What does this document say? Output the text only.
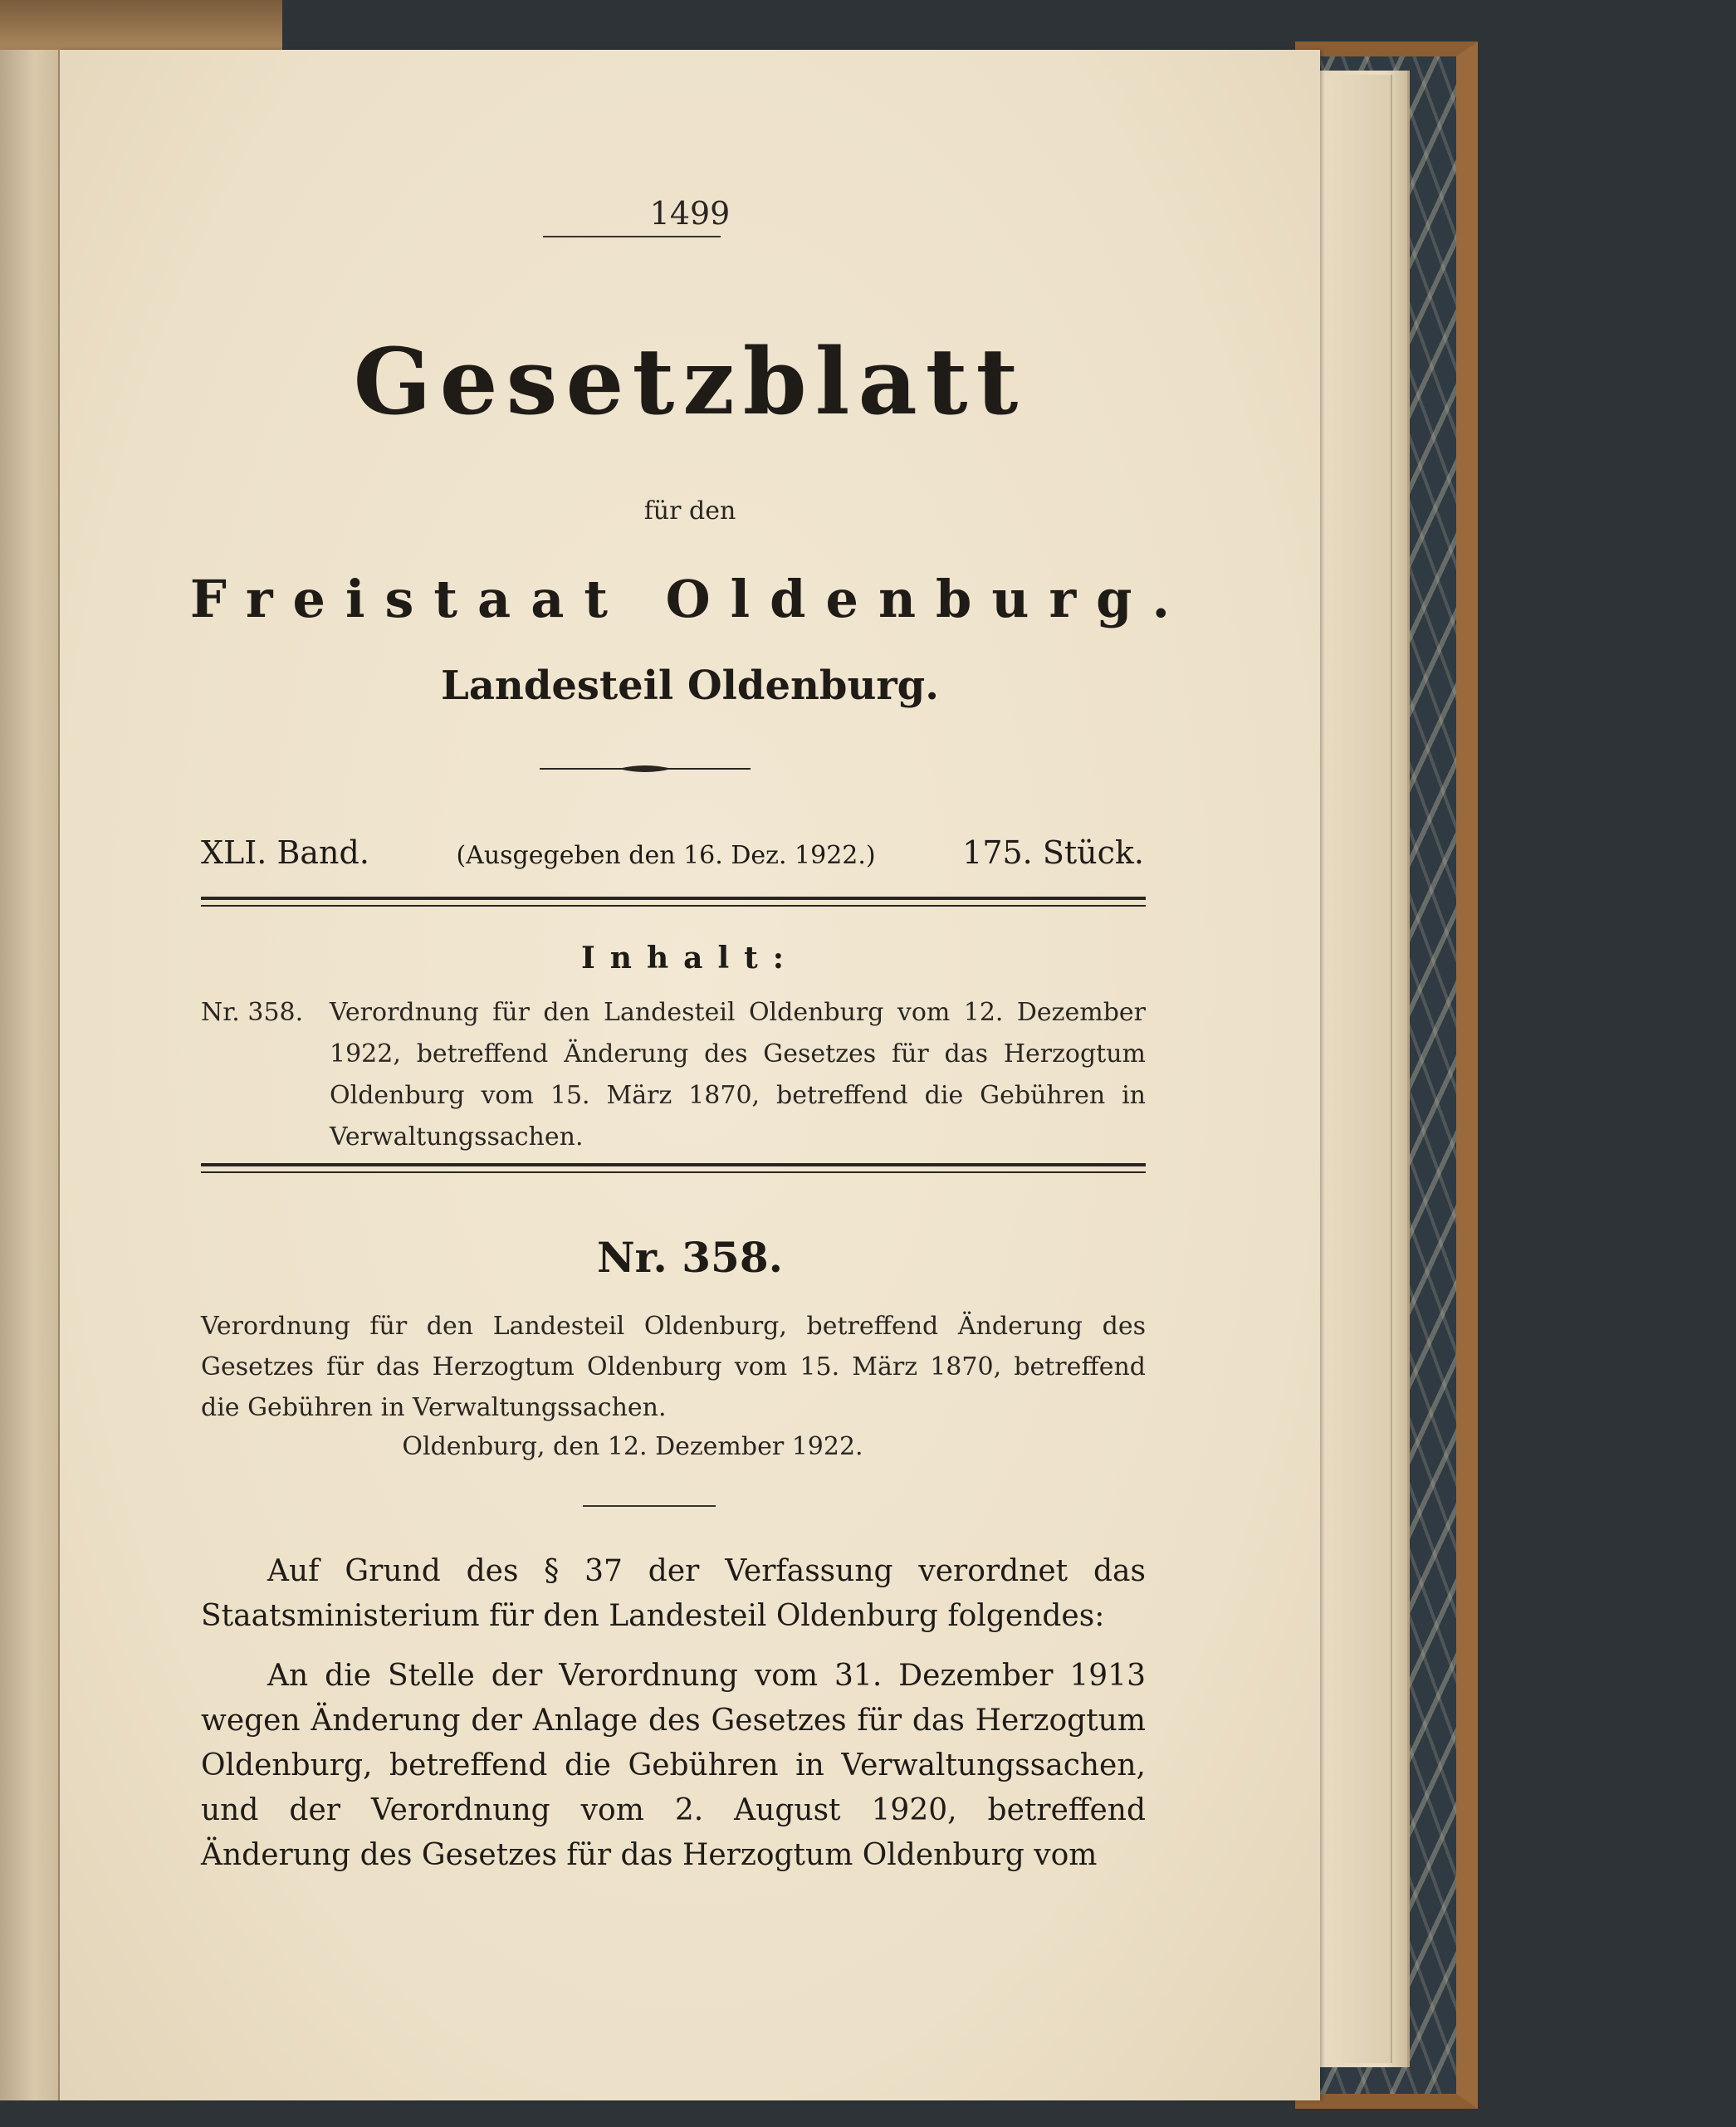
1499
Gesetzblatt
für den
Freistaat Oldenburg.
Landesteil Oldenburg.
XLI. Band.	(Ausgegeben den 16. Dez. 1922.)	175. Stück.
Inhalt:
Nr. 358.	Verordnung für den Landesteil Oldenburg vom 12. Dezember 1922, betreffend Änderung des Gesetzes für das Herzogtum Oldenburg vom 15. März 1870, betreffend die Gebühren in Verwaltungssachen.
Nr. 358.
Verordnung für den Landesteil Oldenburg, betreffend Änderung des Gesetzes für das Herzogtum Oldenburg vom 15. März 1870, betreffend die Gebühren in Verwaltungssachen.
Oldenburg, den 12. Dezember 1922.
Auf Grund des § 37 der Verfassung verordnet das Staatsministerium für den Landesteil Oldenburg folgendes:
An die Stelle der Verordnung vom 31. Dezember 1913 wegen Änderung der Anlage des Gesetzes für das Herzogtum Oldenburg, betreffend die Gebühren in Verwaltungssachen, und der Verordnung vom 2. August 1920, betreffend Änderung des Gesetzes für das Herzogtum Oldenburg vom
